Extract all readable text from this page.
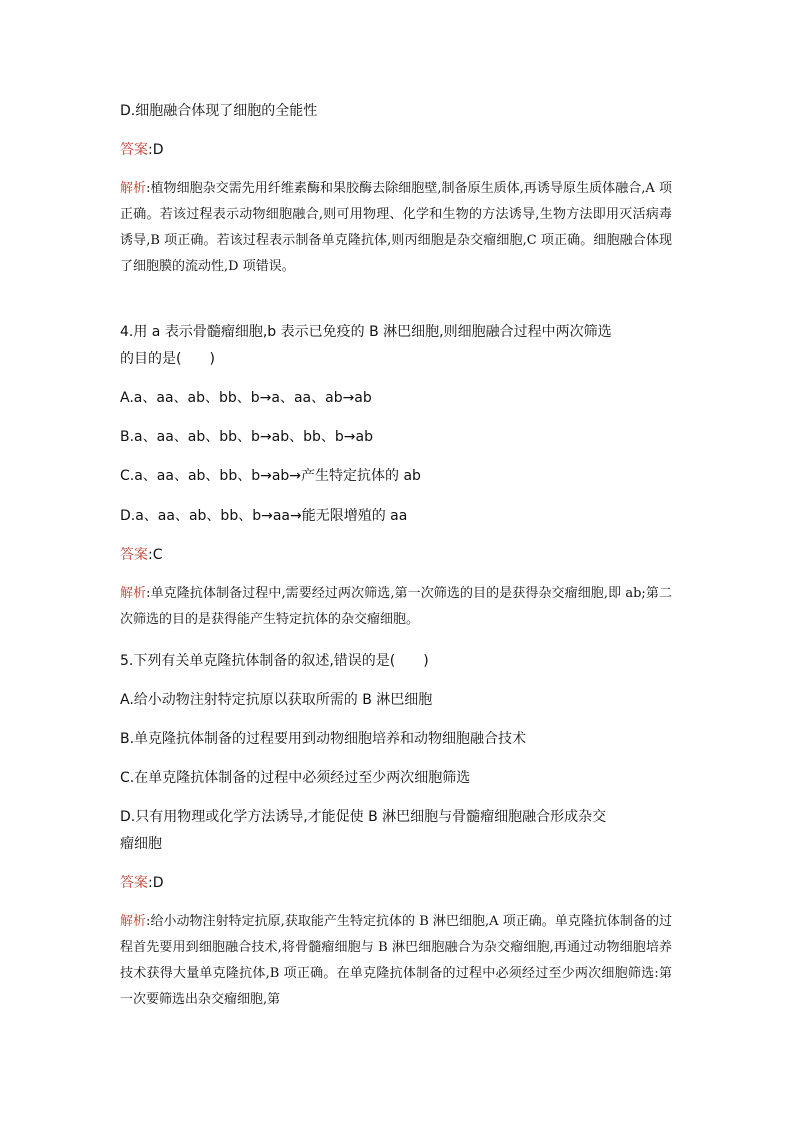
D.细胞融合体现了细胞的全能性
答案:D
解析:植物细胞杂交需先用纤维素酶和果胶酶去除细胞壁,制备原生质体,再诱导原生质体融合,A 项正确。若该过程表示动物细胞融合,则可用物理、化学和生物的方法诱导,生物方法即用灭活病毒诱导,B 项正确。若该过程表示制备单克隆抗体,则丙细胞是杂交瘤细胞,C 项正确。细胞融合体现了细胞膜的流动性,D 项错误。
4.用 a 表示骨髓瘤细胞,b 表示已免疫的 B 淋巴细胞,则细胞融合过程中两次筛选
的目的是(　　)
A.a、aa、ab、bb、b→a、aa、ab→ab
B.a、aa、ab、bb、b→ab、bb、b→ab
C.a、aa、ab、bb、b→ab→产生特定抗体的 ab
D.a、aa、ab、bb、b→aa→能无限增殖的 aa
答案:C
解析:单克隆抗体制备过程中,需要经过两次筛选,第一次筛选的目的是获得杂交瘤细胞,即 ab;第二次筛选的目的是获得能产生特定抗体的杂交瘤细胞。
5.下列有关单克隆抗体制备的叙述,错误的是(　　)
A.给小动物注射特定抗原以获取所需的 B 淋巴细胞
B.单克隆抗体制备的过程要用到动物细胞培养和动物细胞融合技术
C.在单克隆抗体制备的过程中必须经过至少两次细胞筛选
D.只有用物理或化学方法诱导,才能促使 B 淋巴细胞与骨髓瘤细胞融合形成杂交
瘤细胞
答案:D
解析:给小动物注射特定抗原,获取能产生特定抗体的 B 淋巴细胞,A 项正确。单克隆抗体制备的过程首先要用到细胞融合技术,将骨髓瘤细胞与 B 淋巴细胞融合为杂交瘤细胞,再通过动物细胞培养技术获得大量单克隆抗体,B 项正确。在单克隆抗体制备的过程中必须经过至少两次细胞筛选:第一次要筛选出杂交瘤细胞,第
